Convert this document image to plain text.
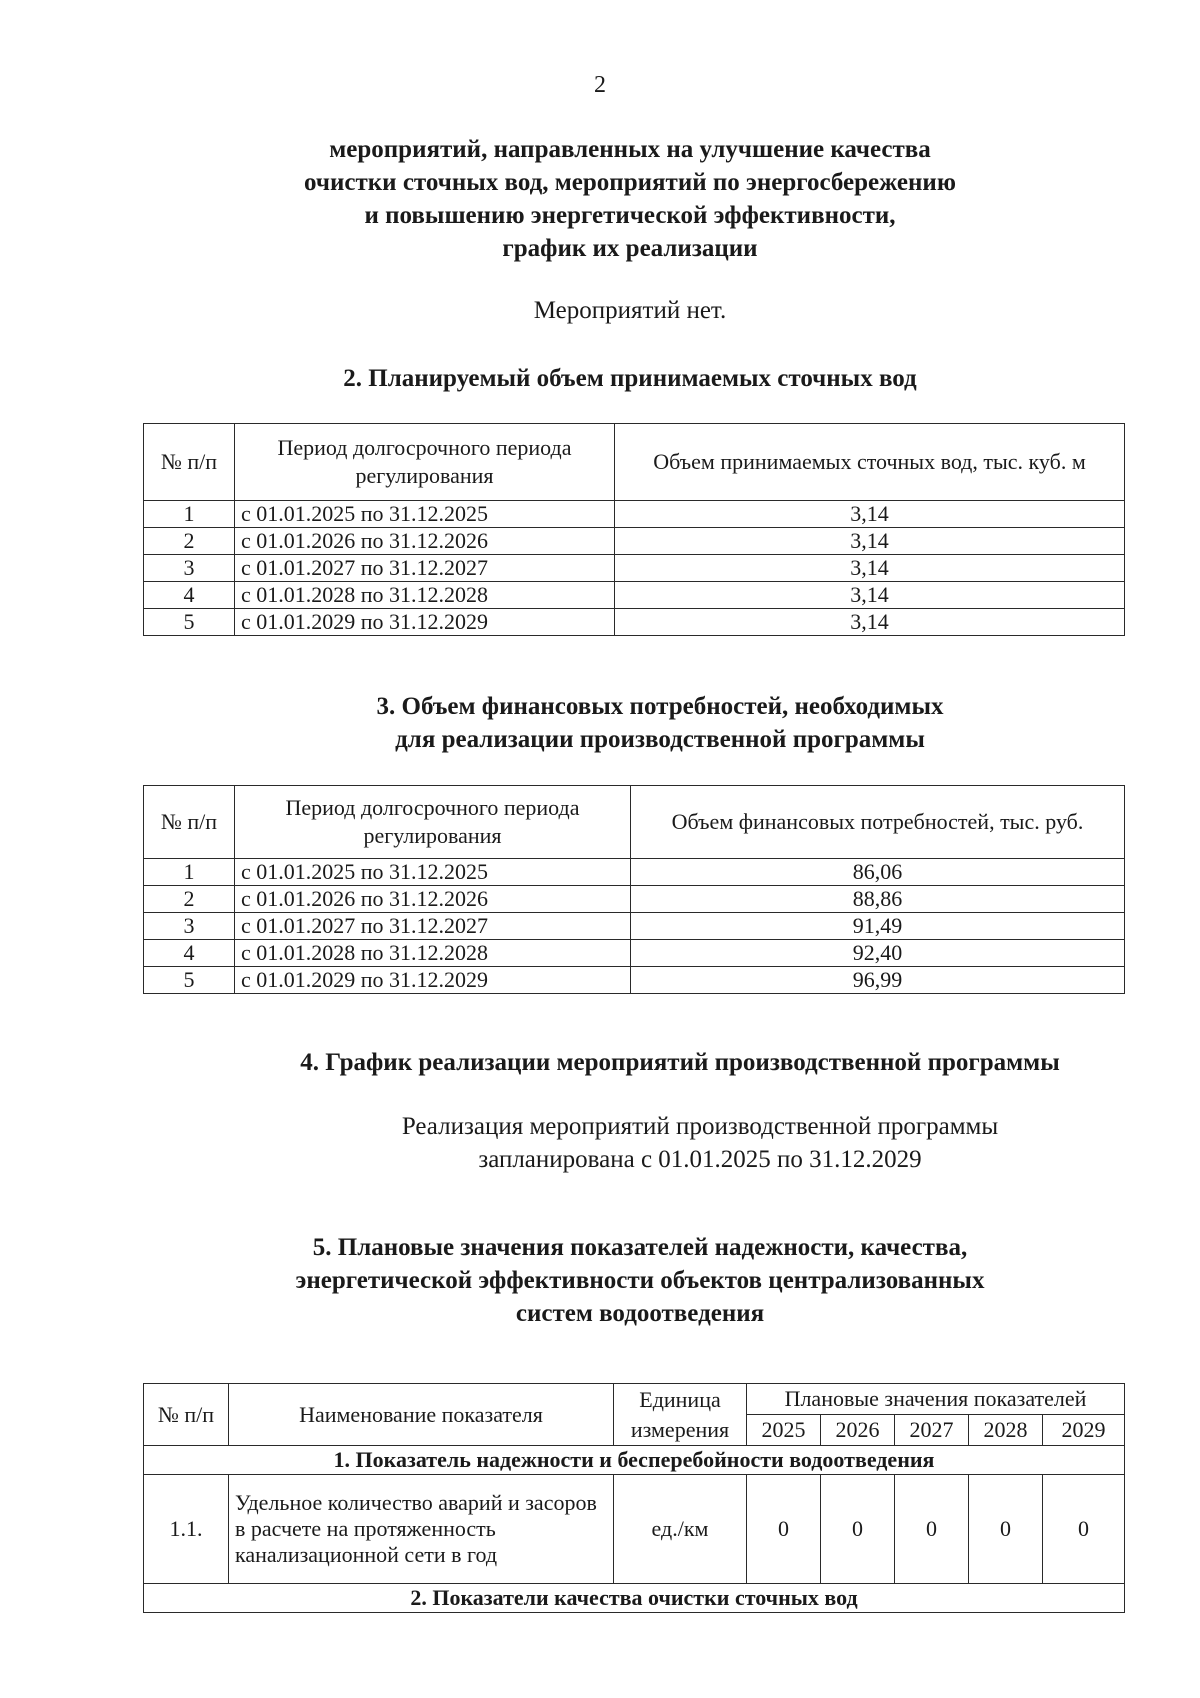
2
мероприятий, направленных на улучшение качества
очистки сточных вод, мероприятий по энергосбережению
и повышению энергетической эффективности,
график их реализации
Мероприятий нет.
2. Планируемый объем принимаемых сточных вод
№ п/п	Период долгосрочного периода регулирования	Объем принимаемых сточных вод, тыс. куб. м
1	с 01.01.2025 по 31.12.2025	3,14
2	с 01.01.2026 по 31.12.2026	3,14
3	с 01.01.2027 по 31.12.2027	3,14
4	с 01.01.2028 по 31.12.2028	3,14
5	с 01.01.2029 по 31.12.2029	3,14
3. Объем финансовых потребностей, необходимых
для реализации производственной программы
№ п/п	Период долгосрочного периода регулирования	Объем финансовых потребностей, тыс. руб.
1	с 01.01.2025 по 31.12.2025	86,06
2	с 01.01.2026 по 31.12.2026	88,86
3	с 01.01.2027 по 31.12.2027	91,49
4	с 01.01.2028 по 31.12.2028	92,40
5	с 01.01.2029 по 31.12.2029	96,99
4. График реализации мероприятий производственной программы
Реализация мероприятий производственной программы
запланирована с 01.01.2025 по 31.12.2029
5. Плановые значения показателей надежности, качества,
энергетической эффективности объектов централизованных
систем водоотведения
№ п/п	Наименование показателя	Единица измерения	Плановые значения показателей				
			2025	2026	2027	2028	2029
1. Показатель надежности и бесперебойности водоотведения							
1.1.	Удельное количество аварий и засоров в расчете на протяженность канализационной сети в год	ед./км	0	0	0	0	0
2. Показатели качества очистки сточных вод							
